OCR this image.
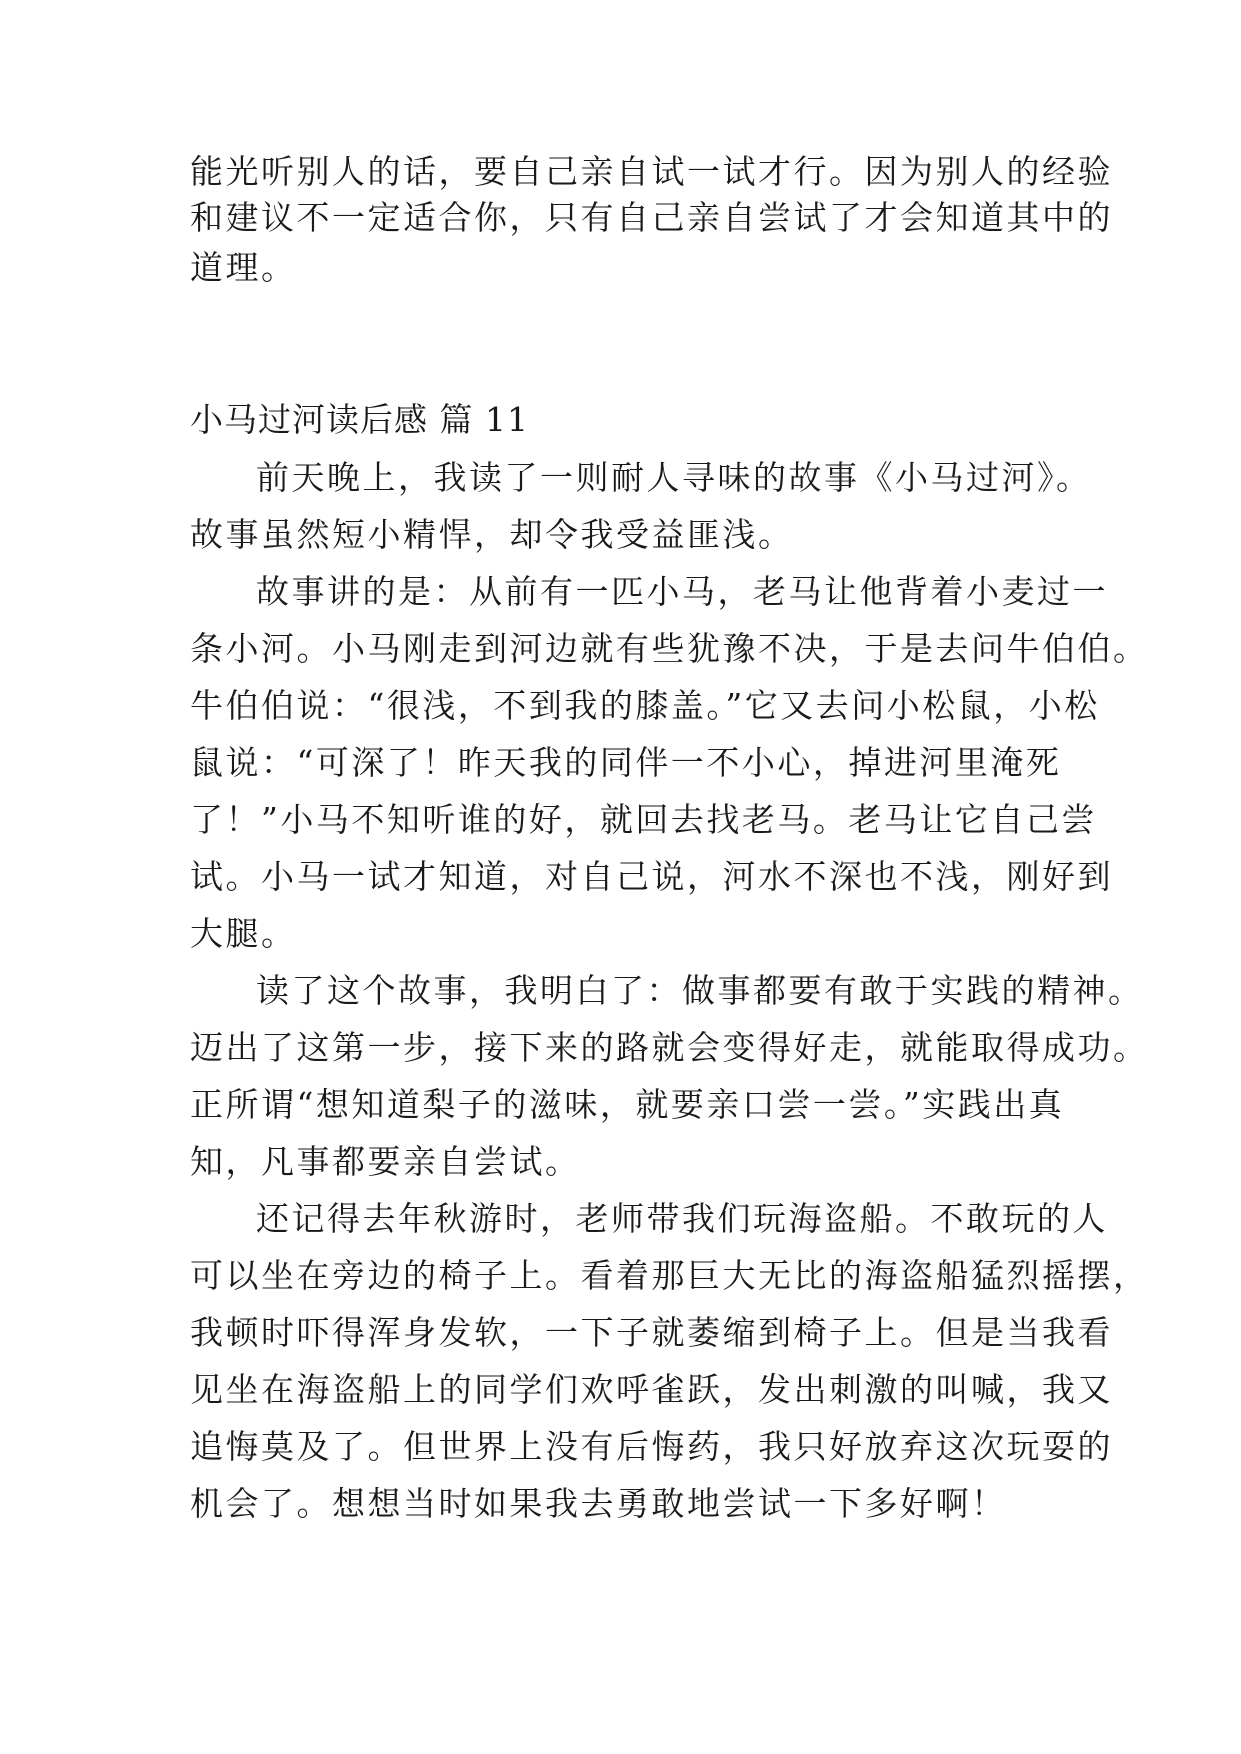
能光听别人的话，要自己亲自试一试才行。因为别人的经验
和建议不一定适合你，只有自己亲自尝试了才会知道其中的
道理。
小马过河读后感 篇 11
前天晚上，我读了一则耐人寻味的故事《小马过河》。
故事虽然短小精悍，却令我受益匪浅。
故事讲的是：从前有一匹小马，老马让他背着小麦过一
条小河。小马刚走到河边就有些犹豫不决，于是去问牛伯伯。
牛伯伯说：“很浅，不到我的膝盖。”它又去问小松鼠，小松
鼠说：“可深了！昨天我的同伴一不小心，掉进河里淹死
了！”小马不知听谁的好，就回去找老马。老马让它自己尝
试。小马一试才知道，对自己说，河水不深也不浅，刚好到
大腿。
读了这个故事，我明白了：做事都要有敢于实践的精神。
迈出了这第一步，接下来的路就会变得好走，就能取得成功。
正所谓“想知道梨子的滋味，就要亲口尝一尝。”实践出真
知，凡事都要亲自尝试。
还记得去年秋游时，老师带我们玩海盗船。不敢玩的人
可以坐在旁边的椅子上。看着那巨大无比的海盗船猛烈摇摆，
我顿时吓得浑身发软，一下子就萎缩到椅子上。但是当我看
见坐在海盗船上的同学们欢呼雀跃，发出刺激的叫喊，我又
追悔莫及了。但世界上没有后悔药，我只好放弃这次玩耍的
机会了。想想当时如果我去勇敢地尝试一下多好啊！
